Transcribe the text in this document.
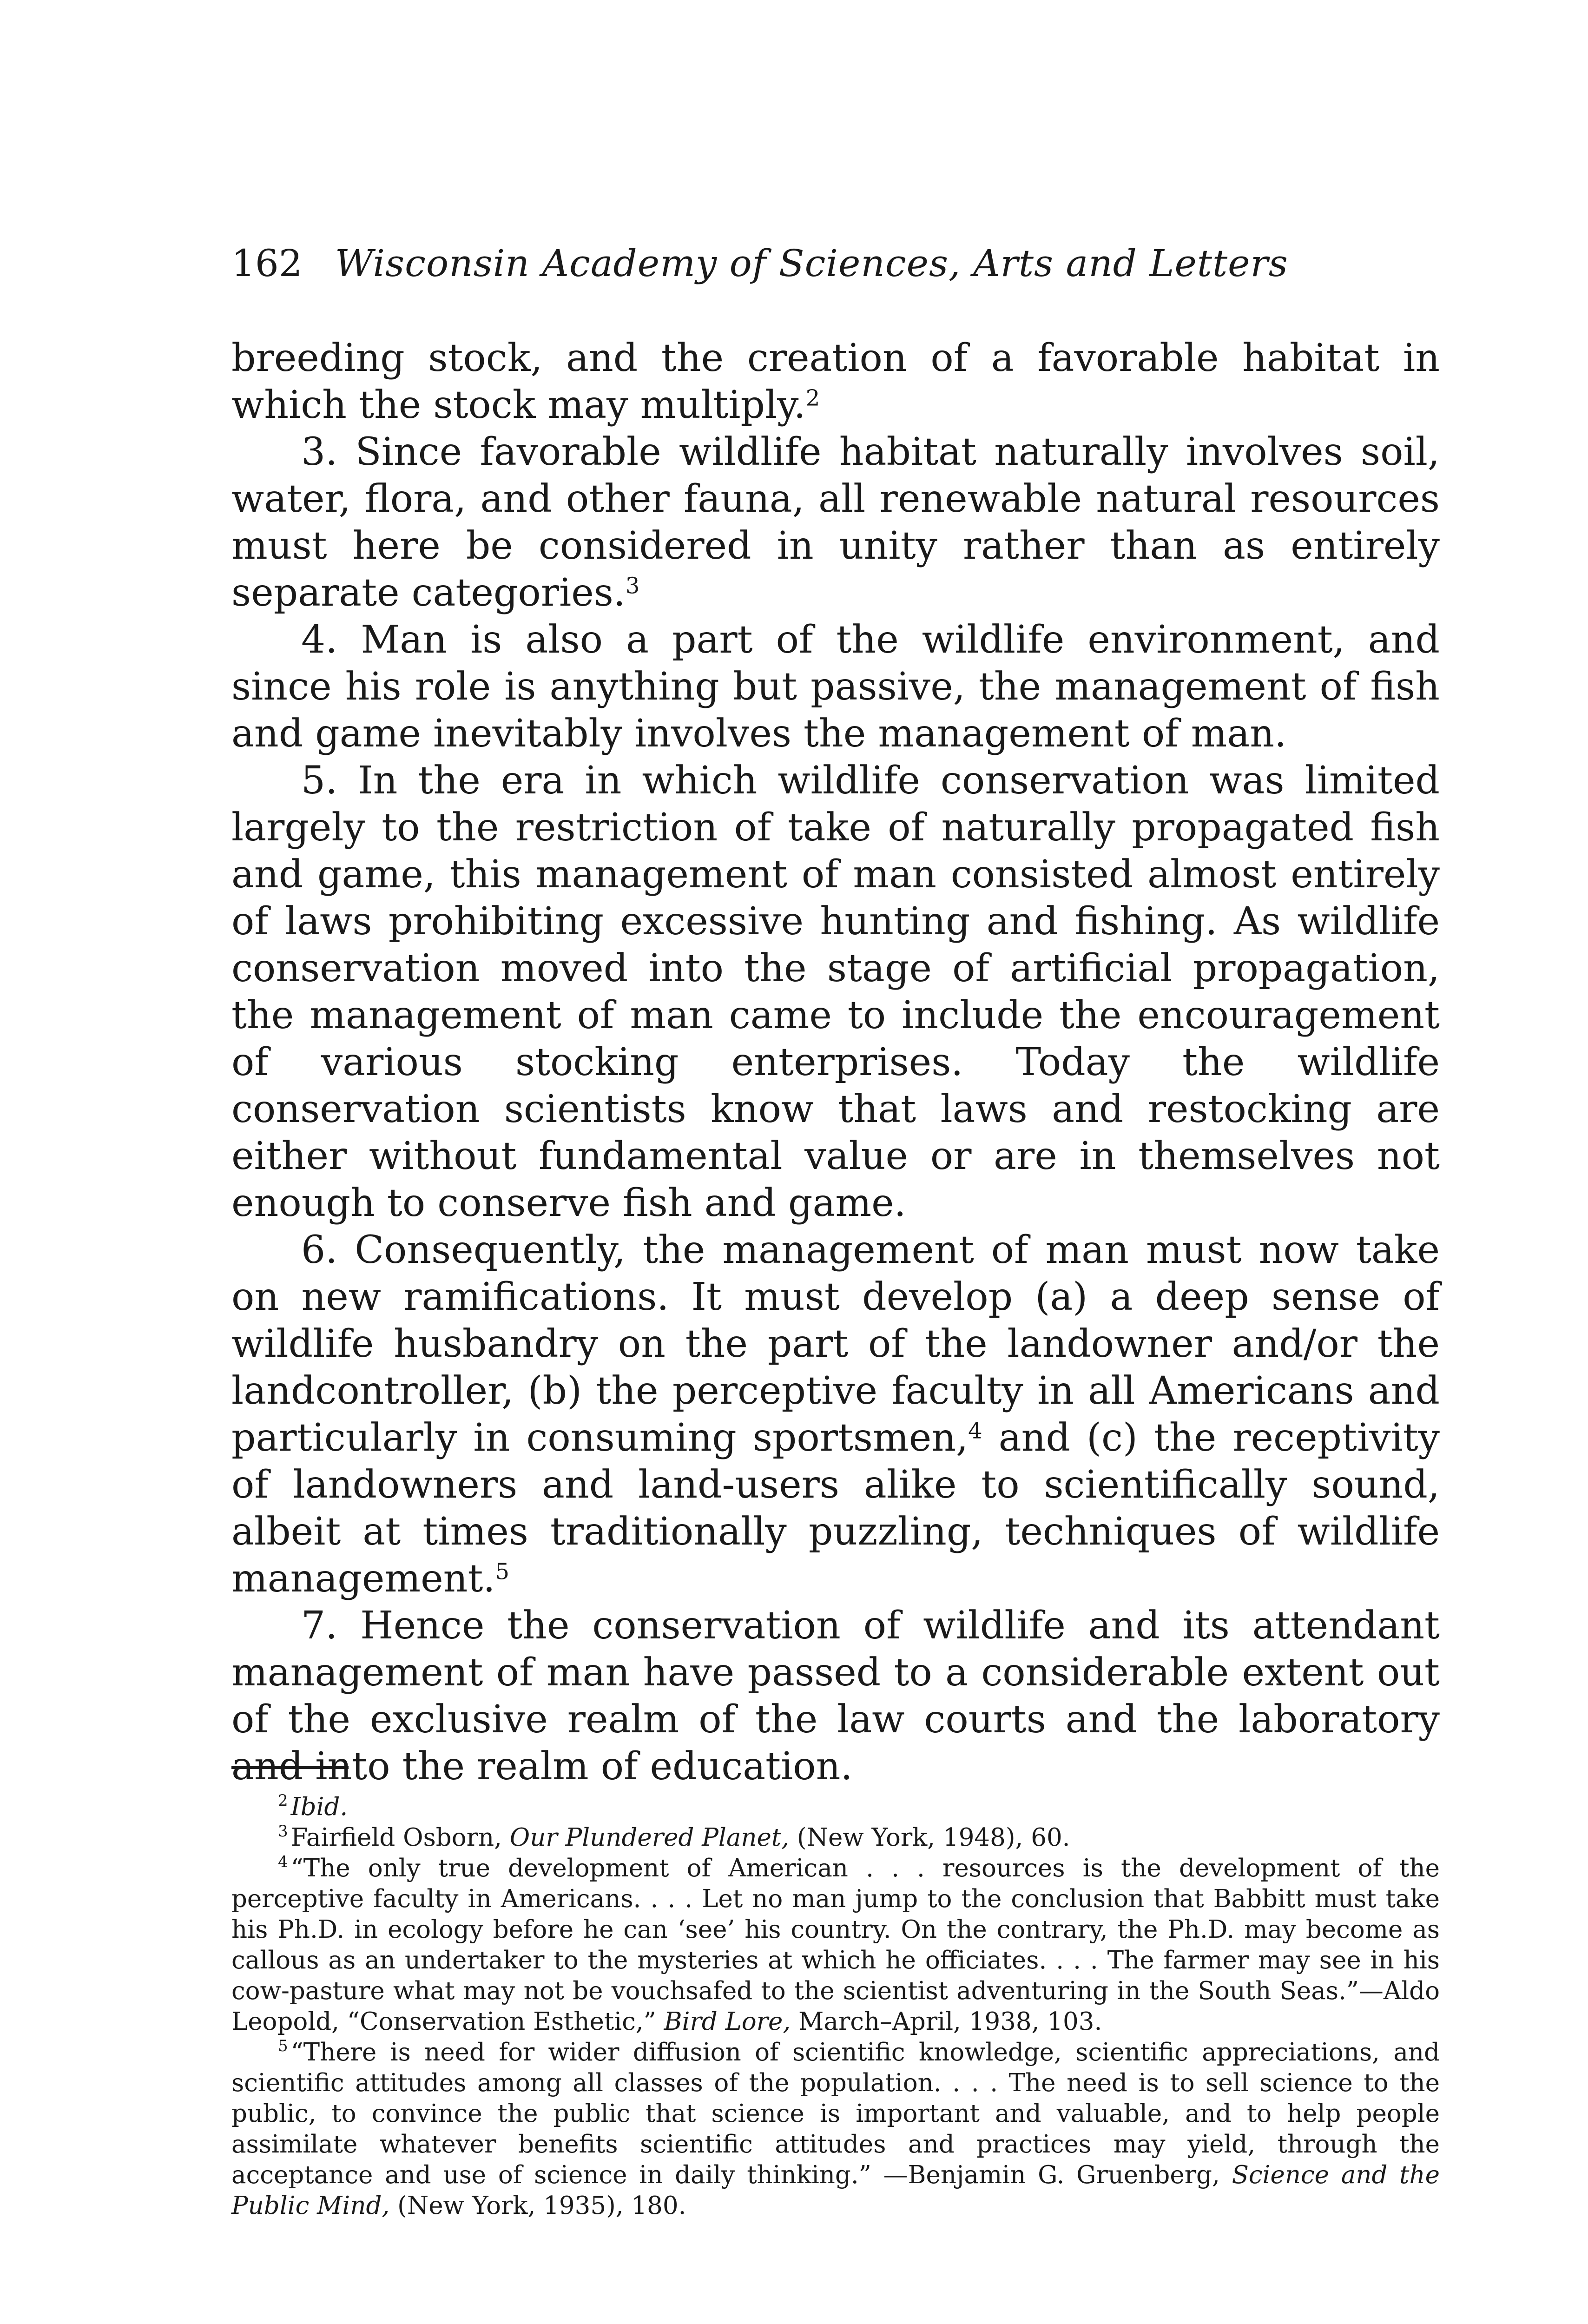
162 Wisconsin Academy of Sciences, Arts and Letters

breeding stock, and the creation of a favorable habitat in which the stock may multiply.$^2$

3. Since favorable wildlife habitat naturally involves soil, water, flora, and other fauna, all renewable natural resources must here be considered in unity rather than as entirely separate categories.$^3$

4. Man is also a part of the wildlife environment, and since his role is anything but passive, the management of fish and game inevitably involves the management of man.

5. In the era in which wildlife conservation was limited largely to the restriction of take of naturally propagated fish and game, this management of man consisted almost entirely of laws prohibiting excessive hunting and fishing. As wildlife conservation moved into the stage of artificial propagation, the management of man came to include the encouragement of various stocking enterprises. Today the wildlife conservation scientists know that laws and restocking are either without fundamental value or are in themselves not enough to conserve fish and game.

6. Consequently, the management of man must now take on new ramifications. It must develop (a) a deep sense of wildlife husbandry on the part of the landowner and/or the landcontroller, (b) the perceptive faculty in all Americans and particularly in consuming sportsmen,$^4$ and (c) the receptivity of landowners and land-users alike to scientifically sound, albeit at times traditionally puzzling, techniques of wildlife management.$^5$

7. Hence the conservation of wildlife and its attendant management of man have passed to a considerable extent out of the exclusive realm of the law courts and the laboratory and into the realm of education.

$^2$ Ibid.

$^3$ Fairfield Osborn, Our Plundered Planet, (New York, 1948), 60.

$^4$ “The only true development of American . . . resources is the development of the perceptive faculty in Americans. . . . Let no man jump to the conclusion that Babbitt must take his Ph.D. in ecology before he can ‘see’ his country. On the contrary, the Ph.D. may become as callous as an undertaker to the mysteries at which he officiates. . . . The farmer may see in his cow-pasture what may not be vouchsafed to the scientist adventuring in the South Seas.”—Aldo Leopold, “Conservation Esthetic,” Bird Lore, March–April, 1938, 103.

$^5$ “There is need for wider diffusion of scientific knowledge, scientific appreciations, and scientific attitudes among all classes of the population. . . . The need is to sell science to the public, to convince the public that science is important and valuable, and to help people assimilate whatever benefits scientific attitudes and practices may yield, through the acceptance and use of science in daily thinking.” —Benjamin G. Gruenberg, Science and the Public Mind, (New York, 1935), 180.
